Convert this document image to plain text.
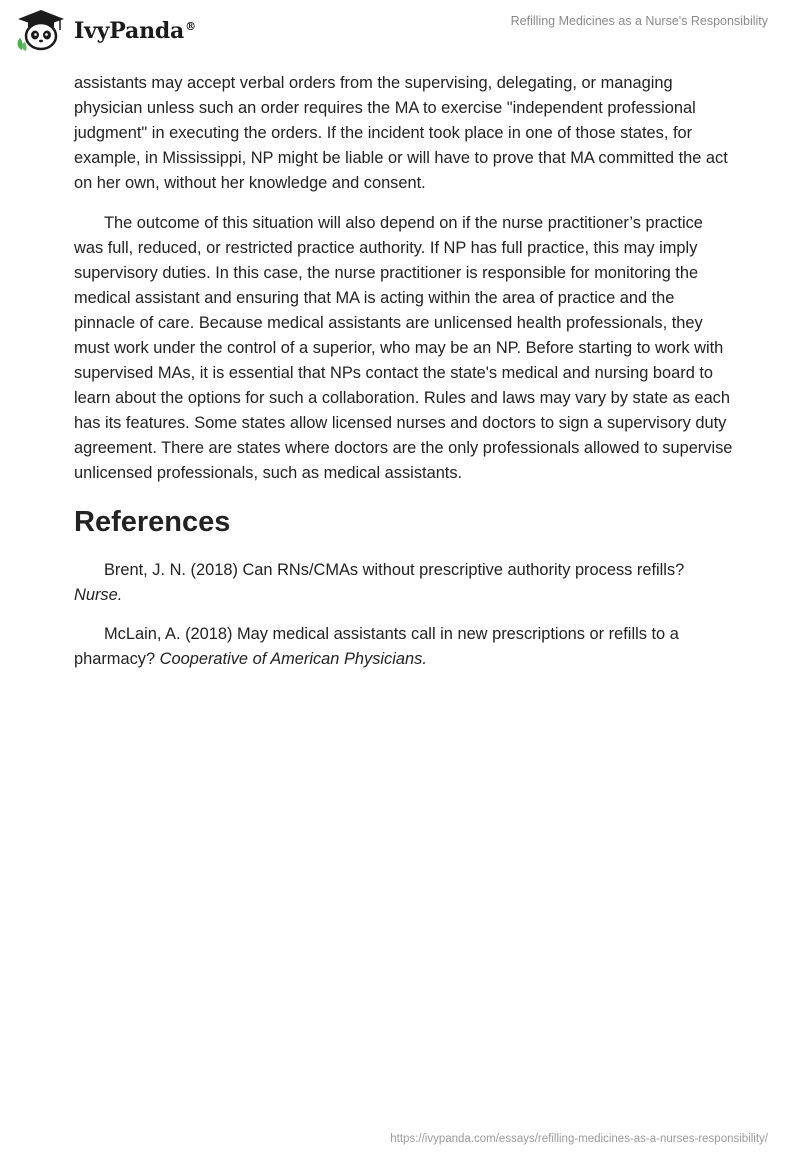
IvyPanda®	Refilling Medicines as a Nurse's Responsibility

assistants may accept verbal orders from the supervising, delegating, or managing physician unless such an order requires the MA to exercise "independent professional judgment" in executing the orders. If the incident took place in one of those states, for example, in Mississippi, NP might be liable or will have to prove that MA committed the act on her own, without her knowledge and consent.

The outcome of this situation will also depend on if the nurse practitioner’s practice was full, reduced, or restricted practice authority. If NP has full practice, this may imply supervisory duties. In this case, the nurse practitioner is responsible for monitoring the medical assistant and ensuring that MA is acting within the area of practice and the pinnacle of care. Because medical assistants are unlicensed health professionals, they must work under the control of a superior, who may be an NP. Before starting to work with supervised MAs, it is essential that NPs contact the state's medical and nursing board to learn about the options for such a collaboration. Rules and laws may vary by state as each has its features. Some states allow licensed nurses and doctors to sign a supervisory duty agreement. There are states where doctors are the only professionals allowed to supervise unlicensed professionals, such as medical assistants.

References

Brent, J. N. (2018) Can RNs/CMAs without prescriptive authority process refills? Nurse.

McLain, A. (2018) May medical assistants call in new prescriptions or refills to a pharmacy? Cooperative of American Physicians.

https://ivypanda.com/essays/refilling-medicines-as-a-nurses-responsibility/
